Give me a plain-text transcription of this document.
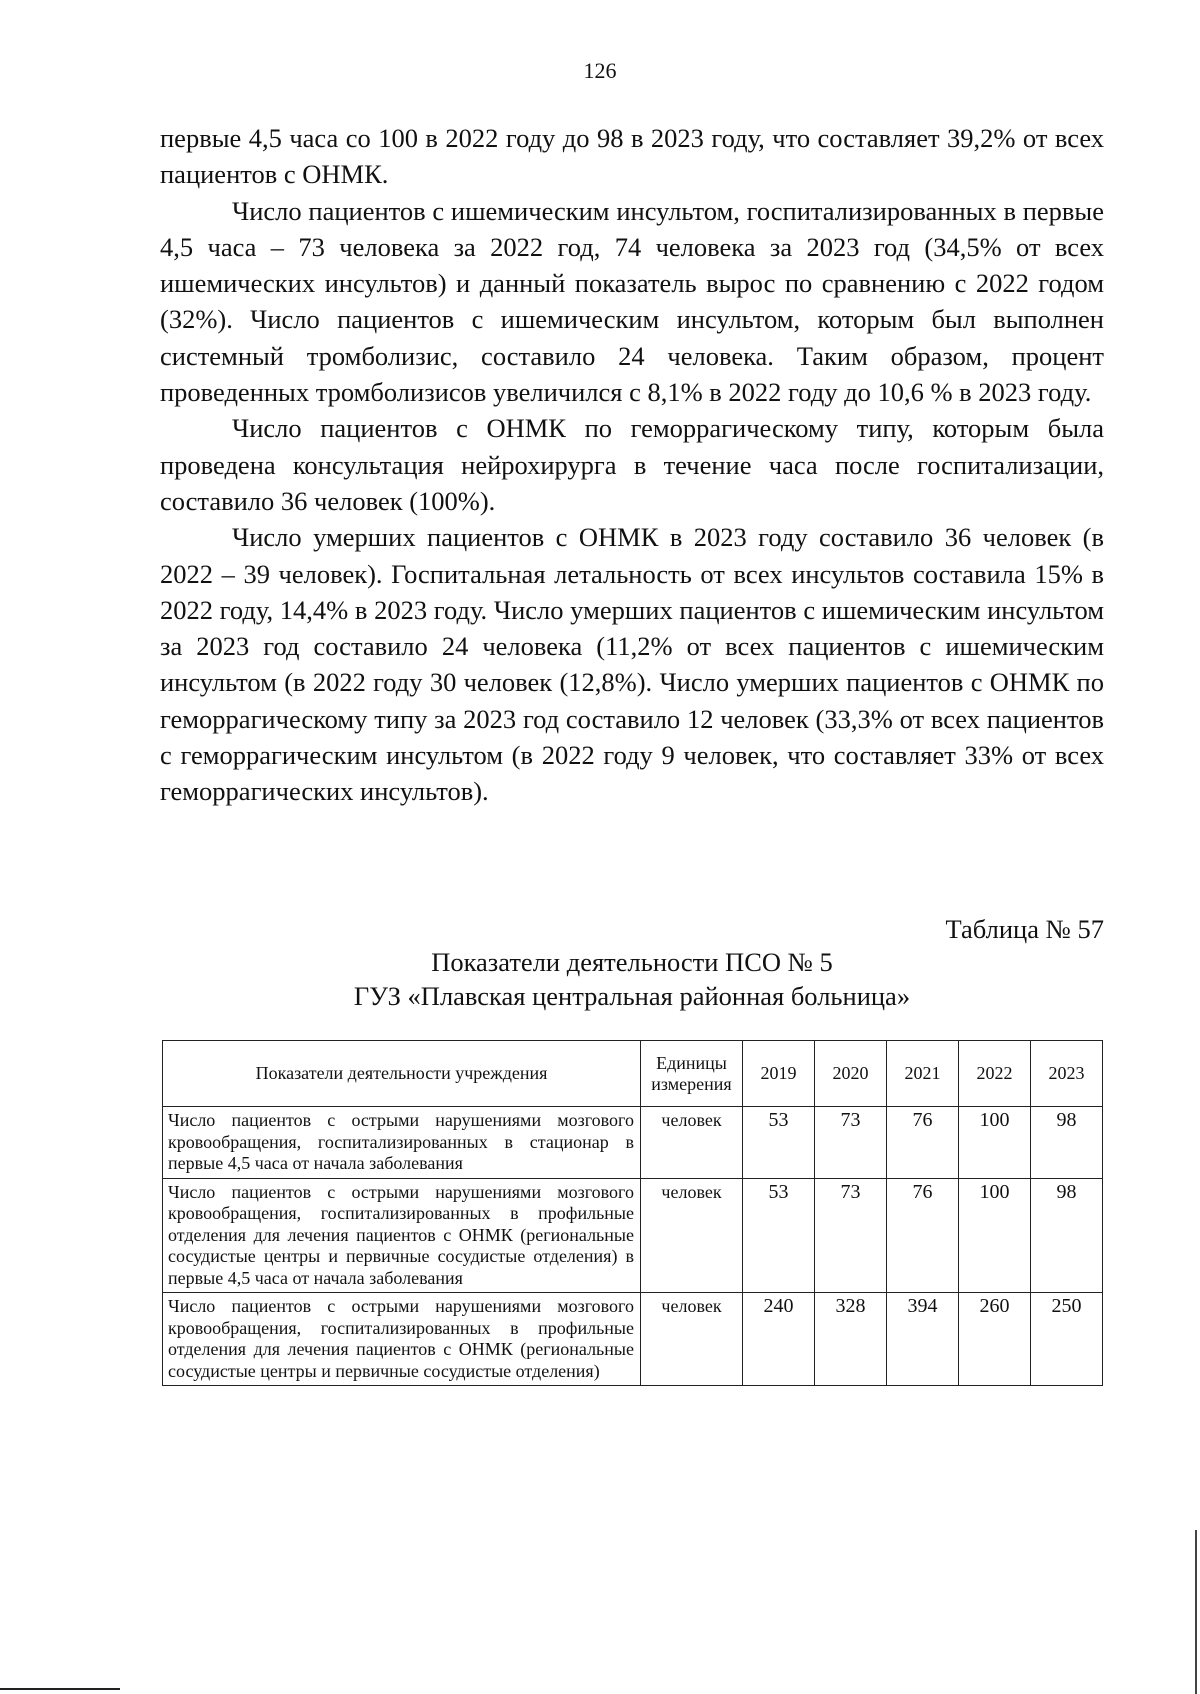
126

первые 4,5 часа со 100 в 2022 году до 98 в 2023 году, что составляет 39,2% от всех пациентов с ОНМК.

Число пациентов с ишемическим инсультом, госпитализированных в первые 4,5 часа – 73 человека за 2022 год, 74 человека за 2023 год (34,5% от всех ишемических инсультов) и данный показатель вырос по сравнению с 2022 годом (32%). Число пациентов с ишемическим инсультом, которым был выполнен системный тромболизис, составило 24 человека. Таким образом, процент проведенных тромболизисов увеличился с 8,1% в 2022 году до 10,6 % в 2023 году.

Число пациентов с ОНМК по геморрагическому типу, которым была проведена консультация нейрохирурга в течение часа после госпитализации, составило 36 человек (100%).

Число умерших пациентов с ОНМК в 2023 году составило 36 человек (в 2022 – 39 человек). Госпитальная летальность от всех инсультов составила 15% в 2022 году, 14,4% в 2023 году. Число умерших пациентов с ишемическим инсультом за 2023 год составило 24 человека (11,2% от всех пациентов с ишемическим инсультом (в 2022 году 30 человек (12,8%). Число умерших пациентов с ОНМК по геморрагическому типу за 2023 год составило 12 человек (33,3% от всех пациентов с геморрагическим инсультом (в 2022 году 9 человек, что составляет 33% от всех геморрагических инсультов).

Таблица № 57
Показатели деятельности ПСО № 5
ГУЗ «Плавская центральная районная больница»
Показатели деятельности учреждения	Единицы измерения	2019	2020	2021	2022	2023
Число пациентов с острыми нарушениями мозгового кровообращения, госпитализированных в стационар в первые 4,5 часа от начала заболевания	человек	53	73	76	100	98
Число пациентов с острыми нарушениями мозгового кровообращения, госпитализированных в профильные отделения для лечения пациентов с ОНМК (региональные сосудистые центры и первичные сосудистые отделения) в первые 4,5 часа от начала заболевания	человек	53	73	76	100	98
Число пациентов с острыми нарушениями мозгового кровообращения, госпитализированных в профильные отделения для лечения пациентов с ОНМК (региональные сосудистые центры и первичные сосудистые отделения)	человек	240	328	394	260	250
